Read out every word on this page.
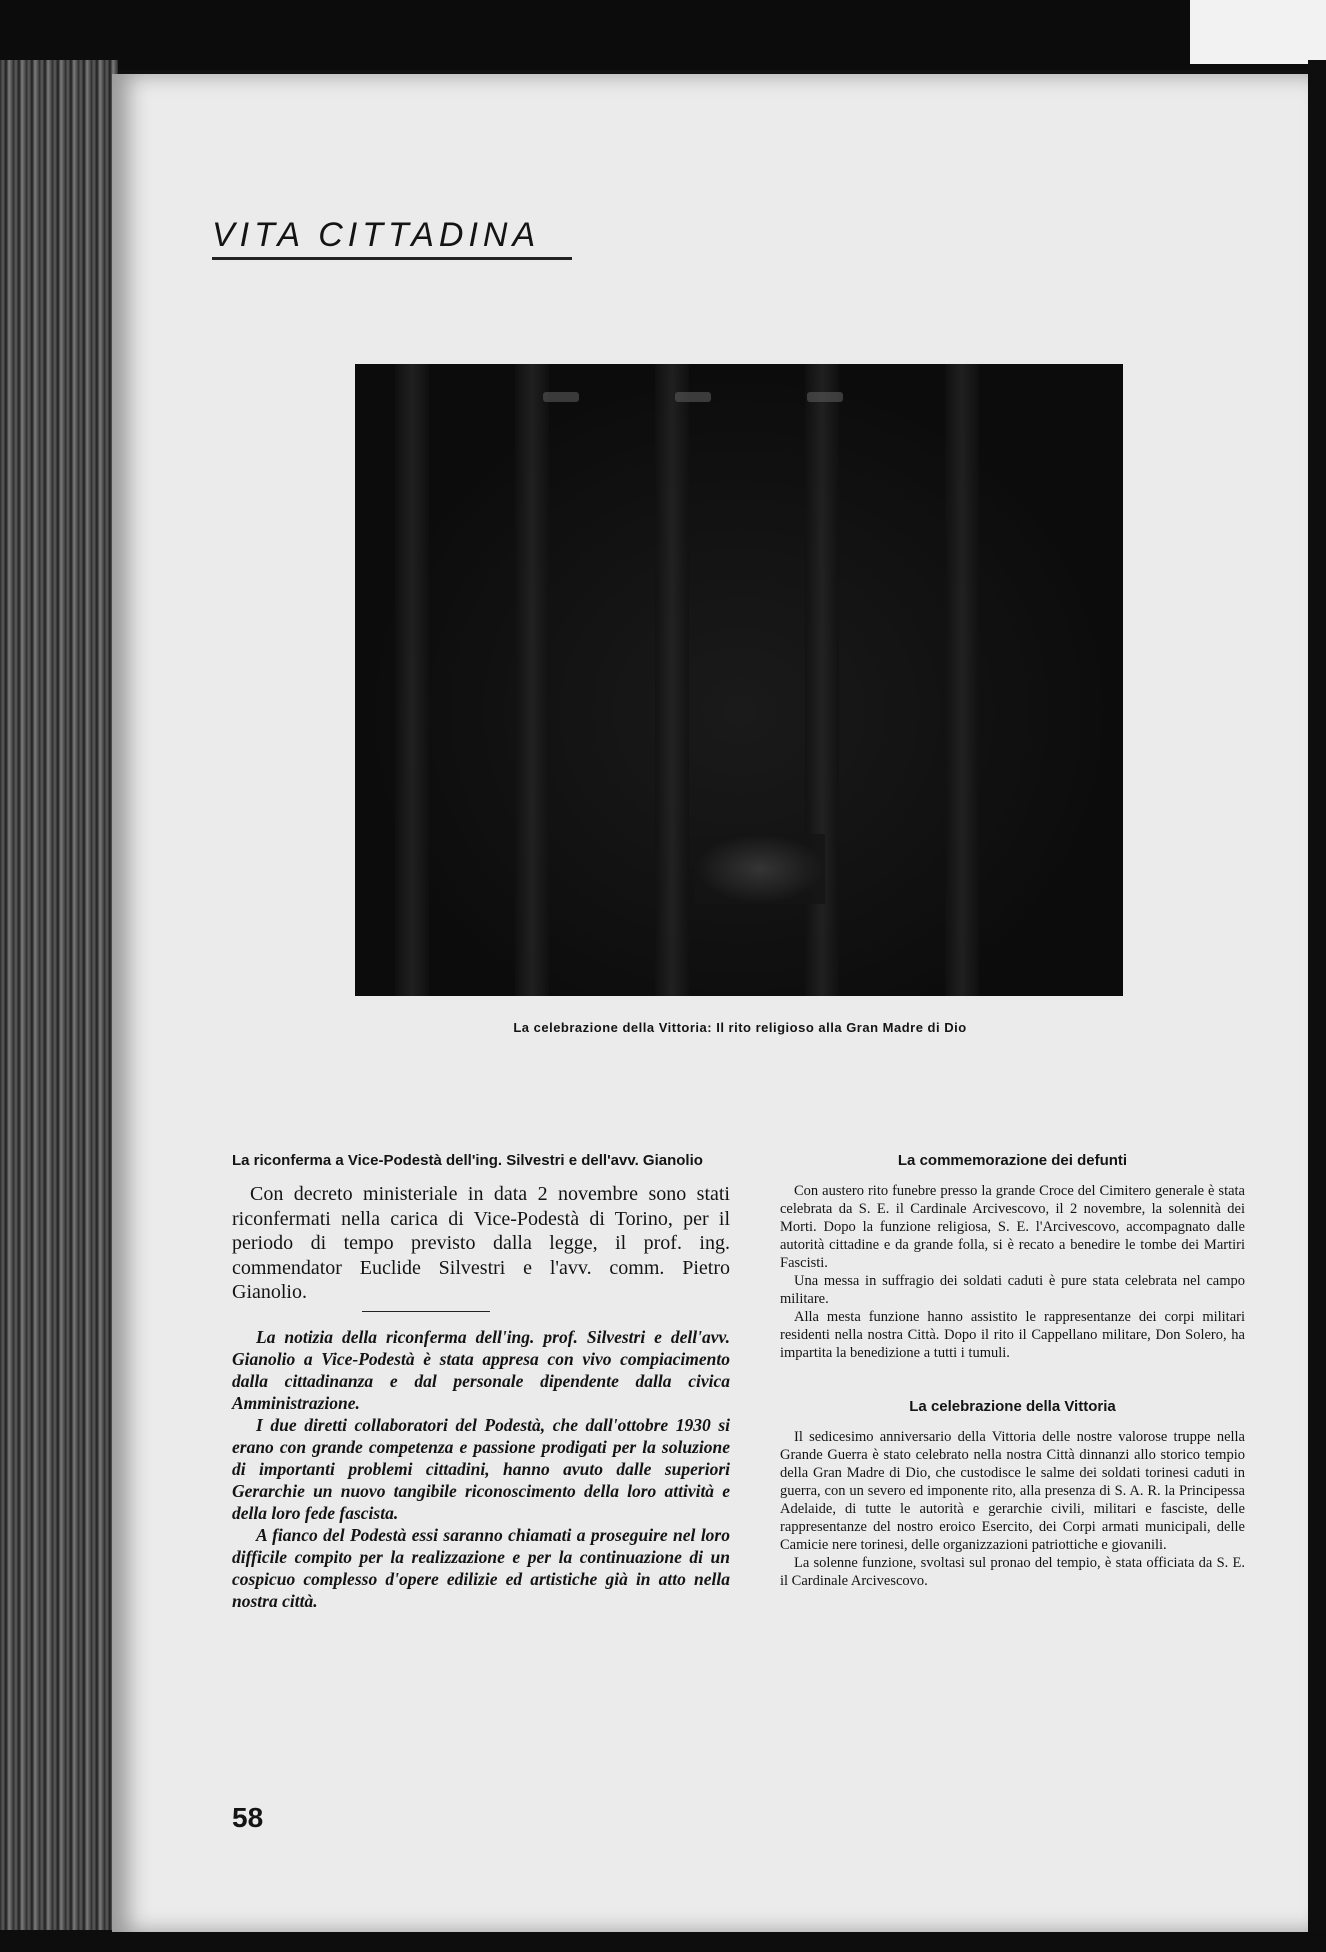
VITA CITTADINA

La celebrazione della Vittoria: Il rito religioso alla Gran Madre di Dio

La riconferma a Vice-Podestà dell'ing. Silvestri e dell'avv. Gianolio

Con decreto ministeriale in data 2 novembre sono stati riconfermati nella carica di Vice-Podestà di Torino, per il periodo di tempo previsto dalla legge, il prof. ing. commendator Euclide Silvestri e l'avv. comm. Pietro Gianolio.

La notizia della riconferma dell'ing. prof. Silvestri e dell'avv. Gianolio a Vice-Podestà è stata appresa con vivo compiacimento dalla cittadinanza e dal personale dipendente dalla civica Amministrazione.

I due diretti collaboratori del Podestà, che dall'ottobre 1930 si erano con grande competenza e passione prodigati per la soluzione di importanti problemi cittadini, hanno avuto dalle superiori Gerarchie un nuovo tangibile riconoscimento della loro attività e della loro fede fascista.

A fianco del Podestà essi saranno chiamati a proseguire nel loro difficile compito per la realizzazione e per la continuazione di un cospicuo complesso d'opere edilizie ed artistiche già in atto nella nostra città.

La commemorazione dei defunti

Con austero rito funebre presso la grande Croce del Cimitero generale è stata celebrata da S. E. il Cardinale Arcivescovo, il 2 novembre, la solennità dei Morti. Dopo la funzione religiosa, S. E. l'Arcivescovo, accompagnato dalle autorità cittadine e da grande folla, si è recato a benedire le tombe dei Martiri Fascisti.

Una messa in suffragio dei soldati caduti è pure stata celebrata nel campo militare.

Alla mesta funzione hanno assistito le rappresentanze dei corpi militari residenti nella nostra Città. Dopo il rito il Cappellano militare, Don Solero, ha impartita la benedizione a tutti i tumuli.

La celebrazione della Vittoria

Il sedicesimo anniversario della Vittoria delle nostre valorose truppe nella Grande Guerra è stato celebrato nella nostra Città dinnanzi allo storico tempio della Gran Madre di Dio, che custodisce le salme dei soldati torinesi caduti in guerra, con un severo ed imponente rito, alla presenza di S. A. R. la Principessa Adelaide, di tutte le autorità e gerarchie civili, militari e fasciste, delle rappresentanze del nostro eroico Esercito, dei Corpi armati municipali, delle Camicie nere torinesi, delle organizzazioni patriottiche e giovanili.

La solenne funzione, svoltasi sul pronao del tempio, è stata officiata da S. E. il Cardinale Arcivescovo.

58
